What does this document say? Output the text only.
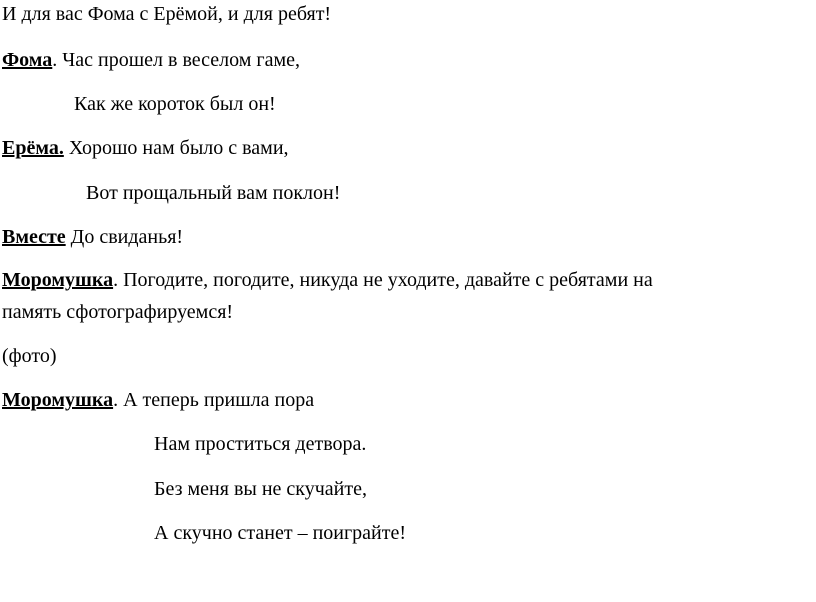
И для вас Фома с Ерёмой, и для ребят!
Фома. Час прошел в веселом гаме,
Как же короток был он!
Ерёма. Хорошо нам было с вами,
Вот прощальный вам поклон!
Вместе До свиданья!
Моромушка. Погодите, погодите, никуда не уходите, давайте с ребятами на
память сфотографируемся!
(фото)
Моромушка. А теперь пришла пора
Нам проститься детвора.
Без меня вы не скучайте,
А скучно станет – поиграйте!
